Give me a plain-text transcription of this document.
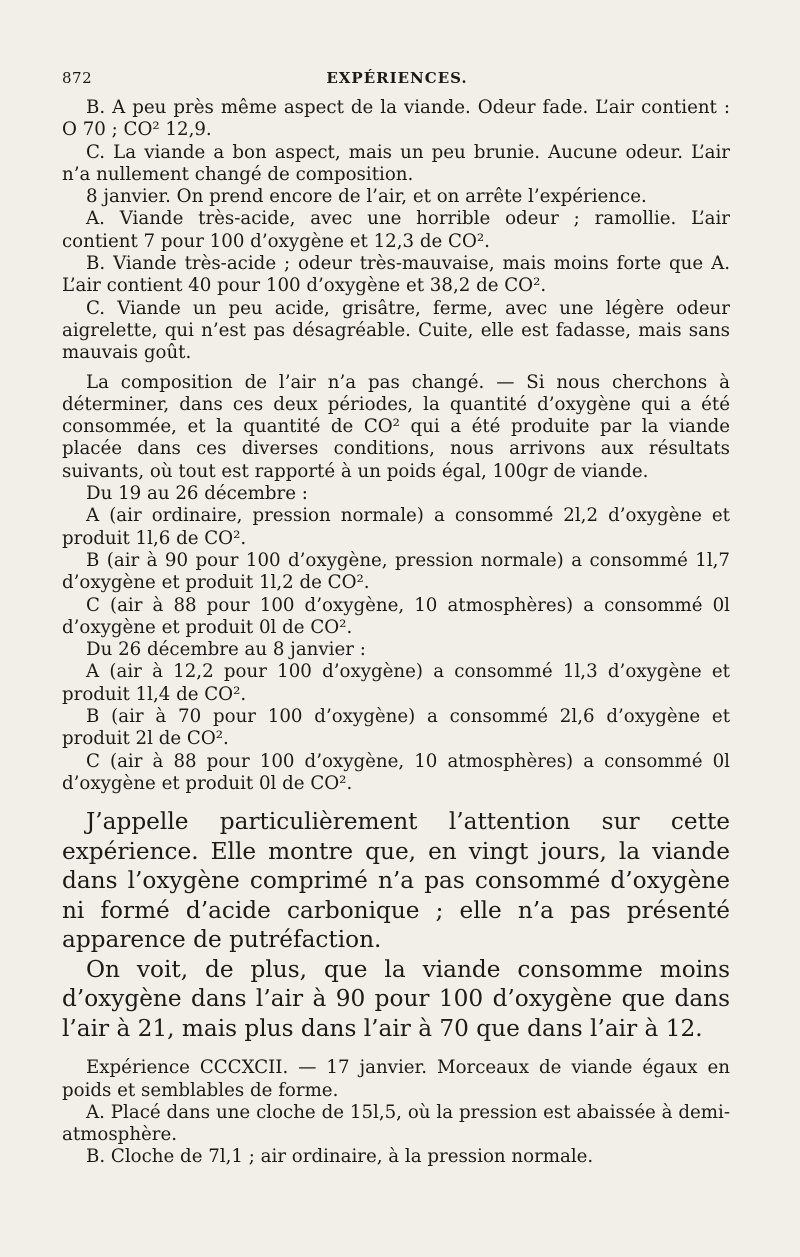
872	EXPÉRIENCES.

B. A peu près même aspect de la viande. Odeur fade. L’air contient : O 70 ; CO² 12,9.

C. La viande a bon aspect, mais un peu brunie. Aucune odeur. L’air n’a nullement changé de composition.

8 janvier. On prend encore de l’air, et on arrête l’expérience.

A. Viande très-acide, avec une horrible odeur ; ramollie. L’air contient 7 pour 100 d’oxygène et 12,3 de CO².

B. Viande très-acide ; odeur très-mauvaise, mais moins forte que A. L’air contient 40 pour 100 d’oxygène et 38,2 de CO².

C. Viande un peu acide, grisâtre, ferme, avec une légère odeur aigrelette, qui n’est pas désagréable. Cuite, elle est fadasse, mais sans mauvais goût.

La composition de l’air n’a pas changé. — Si nous cherchons à déterminer, dans ces deux périodes, la quantité d’oxygène qui a été consommée, et la quantité de CO² qui a été produite par la viande placée dans ces diverses conditions, nous arrivons aux résultats suivants, où tout est rapporté à un poids égal, 100gr de viande.

Du 19 au 26 décembre :

A (air ordinaire, pression normale) a consommé 2l,2 d’oxygène et produit 1l,6 de CO².

B (air à 90 pour 100 d’oxygène, pression normale) a consommé 1l,7 d’oxygène et produit 1l,2 de CO².

C (air à 88 pour 100 d’oxygène, 10 atmosphères) a consommé 0l d’oxygène et produit 0l de CO².

Du 26 décembre au 8 janvier :

A (air à 12,2 pour 100 d’oxygène) a consommé 1l,3 d’oxygène et produit 1l,4 de CO².

B (air à 70 pour 100 d’oxygène) a consommé 2l,6 d’oxygène et produit 2l de CO².

C (air à 88 pour 100 d’oxygène, 10 atmosphères) a consommé 0l d’oxygène et produit 0l de CO².

J’appelle particulièrement l’attention sur cette expérience. Elle montre que, en vingt jours, la viande dans l’oxygène comprimé n’a pas consommé d’oxygène ni formé d’acide carbonique ; elle n’a pas présenté apparence de putréfaction.

On voit, de plus, que la viande consomme moins d’oxygène dans l’air à 90 pour 100 d’oxygène que dans l’air à 21, mais plus dans l’air à 70 que dans l’air à 12.

Expérience CCCXCII. — 17 janvier. Morceaux de viande égaux en poids et semblables de forme.

A. Placé dans une cloche de 15l,5, où la pression est abaissée à demi-atmosphère.

B. Cloche de 7l,1 ; air ordinaire, à la pression normale.
